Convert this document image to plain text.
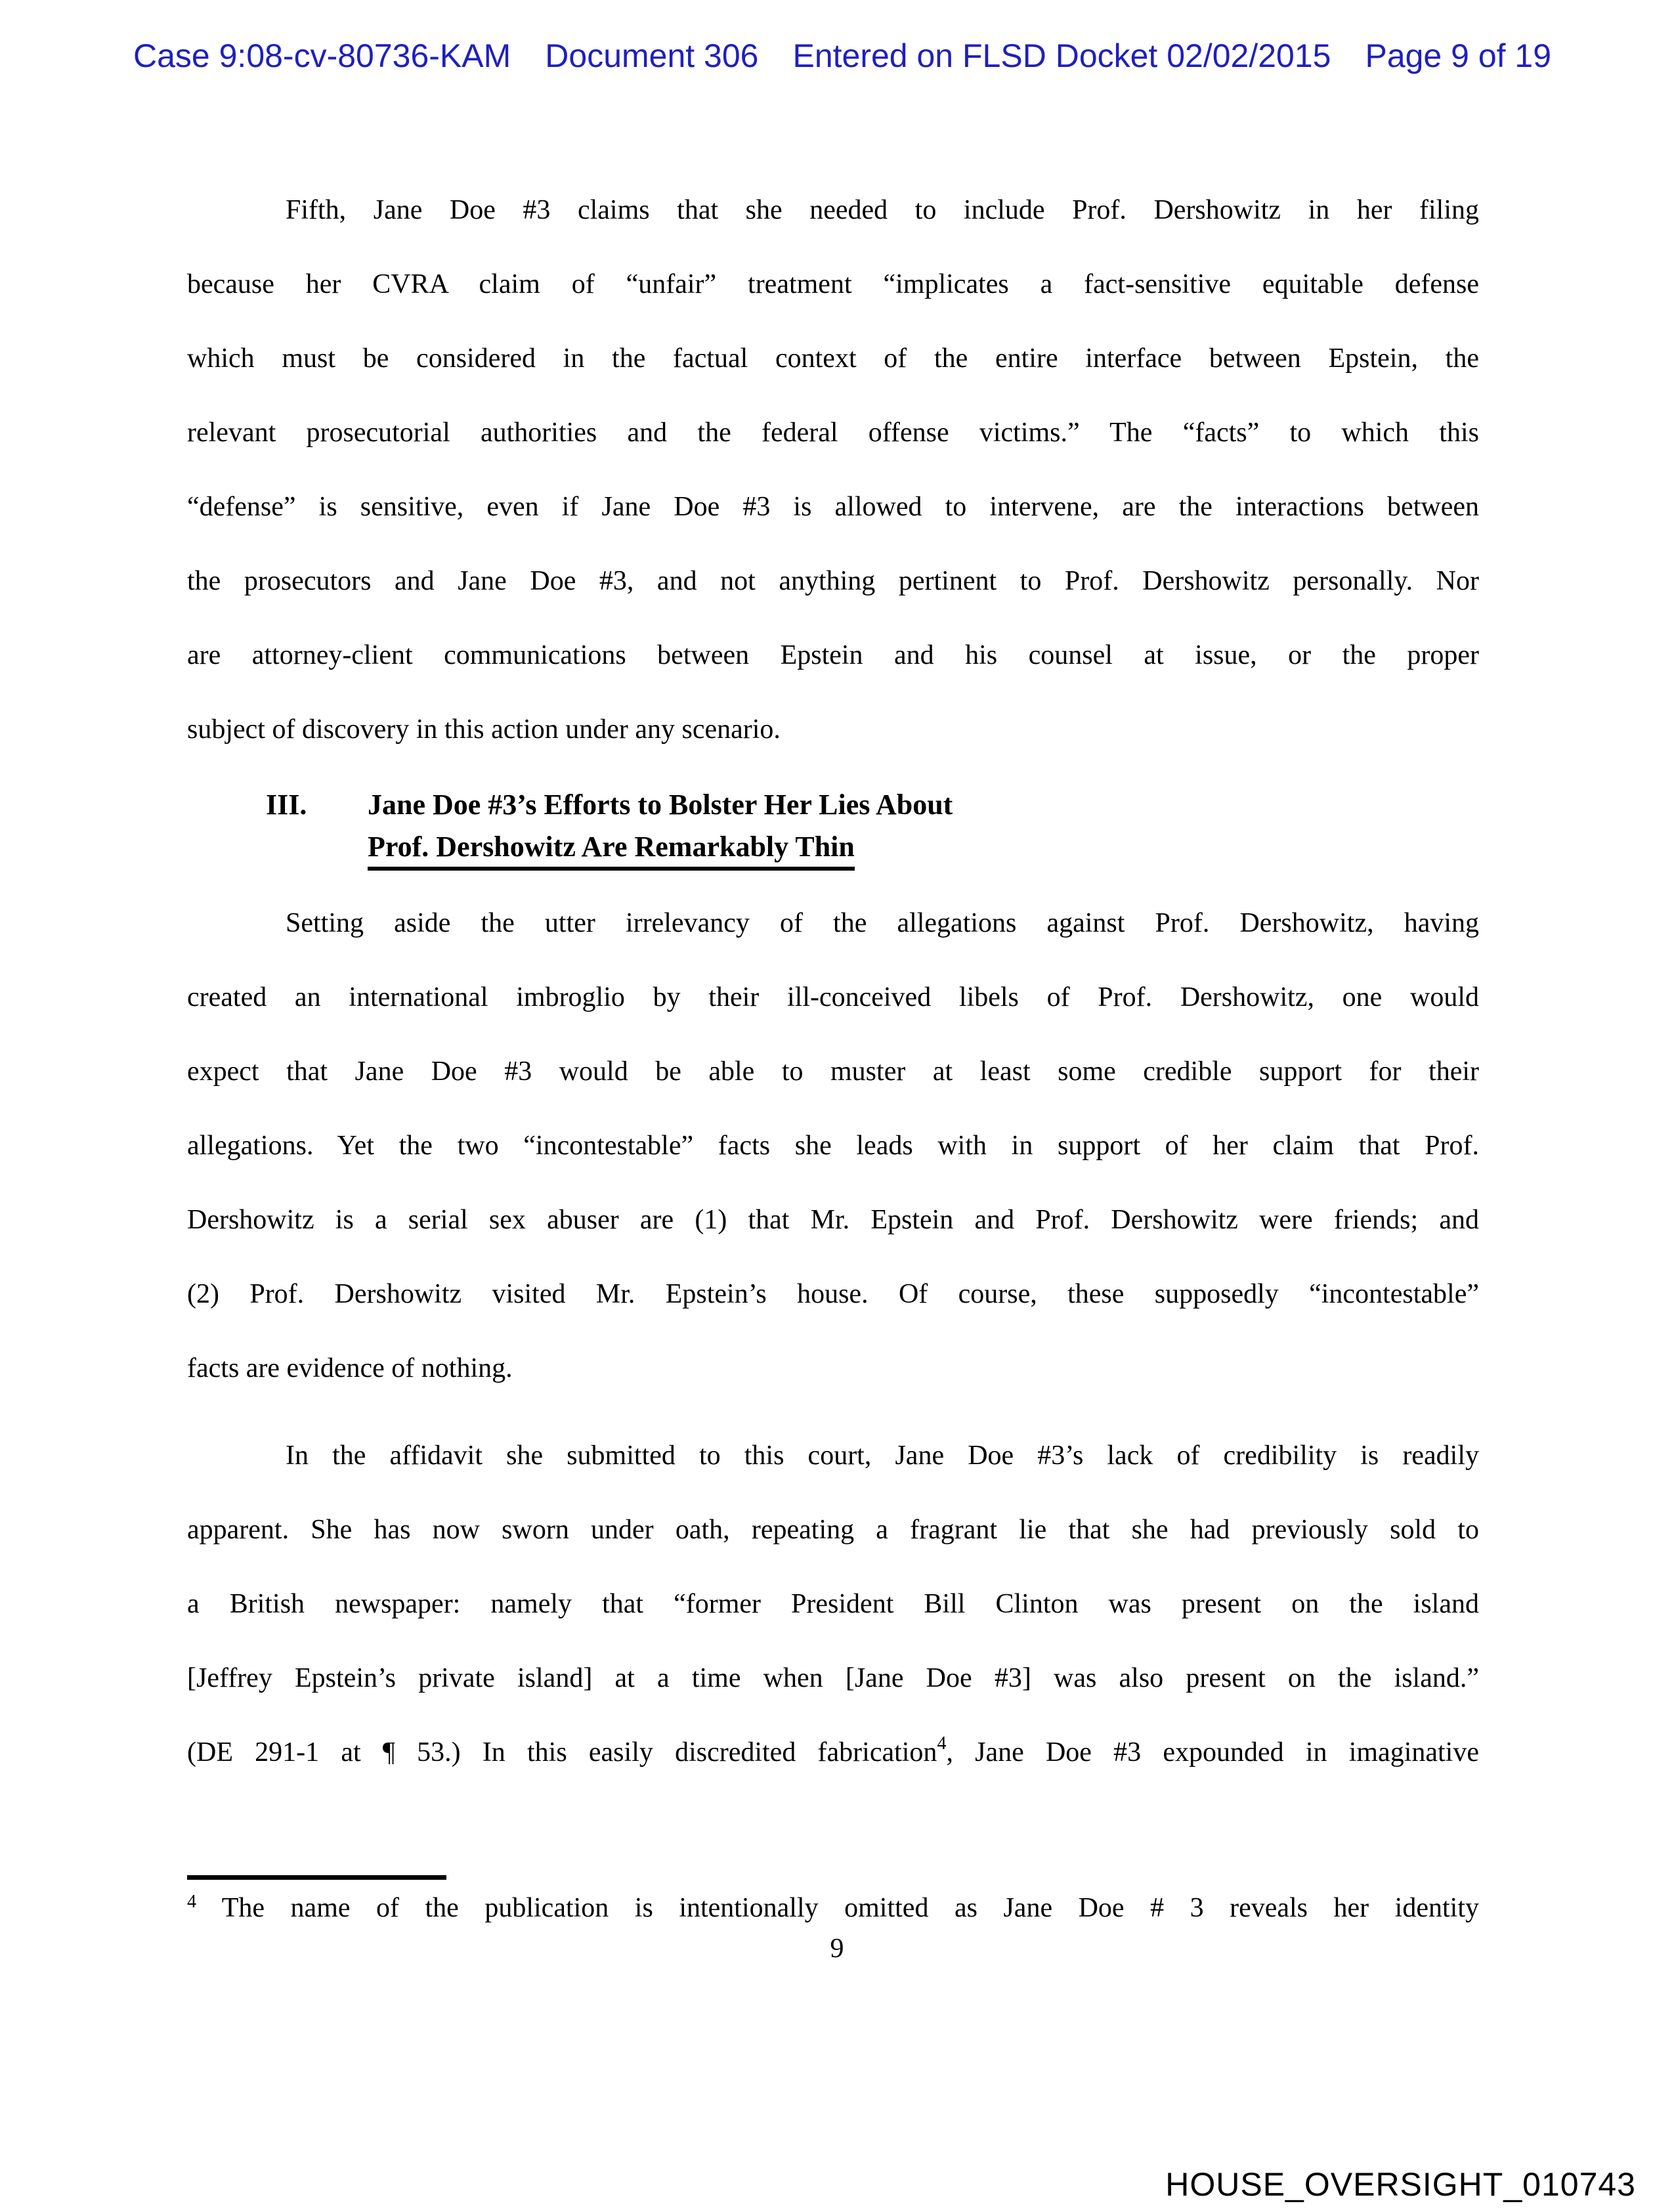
Case 9:08-cv-80736-KAM Document 306 Entered on FLSD Docket 02/02/2015 Page 9 of 19
Fifth, Jane Doe #3 claims that she needed to include Prof. Dershowitz in her filing
because her CVRA claim of “unfair” treatment “implicates a fact-sensitive equitable defense
which must be considered in the factual context of the entire interface between Epstein, the
relevant prosecutorial authorities and the federal offense victims.” The “facts” to which this
“defense” is sensitive, even if Jane Doe #3 is allowed to intervene, are the interactions between
the prosecutors and Jane Doe #3, and not anything pertinent to Prof. Dershowitz personally. Nor
are attorney-client communications between Epstein and his counsel at issue, or the proper
subject of discovery in this action under any scenario.
III.	Jane Doe #3’s Efforts to Bolster Her Lies About
Prof. Dershowitz Are Remarkably Thin
Setting aside the utter irrelevancy of the allegations against Prof. Dershowitz, having
created an international imbroglio by their ill-conceived libels of Prof. Dershowitz, one would
expect that Jane Doe #3 would be able to muster at least some credible support for their
allegations. Yet the two “incontestable” facts she leads with in support of her claim that Prof.
Dershowitz is a serial sex abuser are (1) that Mr. Epstein and Prof. Dershowitz were friends; and
(2) Prof. Dershowitz visited Mr. Epstein’s house. Of course, these supposedly “incontestable”
facts are evidence of nothing.
In the affidavit she submitted to this court, Jane Doe #3’s lack of credibility is readily
apparent. She has now sworn under oath, repeating a fragrant lie that she had previously sold to
a British newspaper: namely that “former President Bill Clinton was present on the island
[Jeffrey Epstein’s private island] at a time when [Jane Doe #3] was also present on the island.”
(DE 291-1 at ¶ 53.) In this easily discredited fabrication$^4$, Jane Doe #3 expounded in imaginative
$^4$ The name of the publication is intentionally omitted as Jane Doe # 3 reveals her identity
9
HOUSE_OVERSIGHT_010743
